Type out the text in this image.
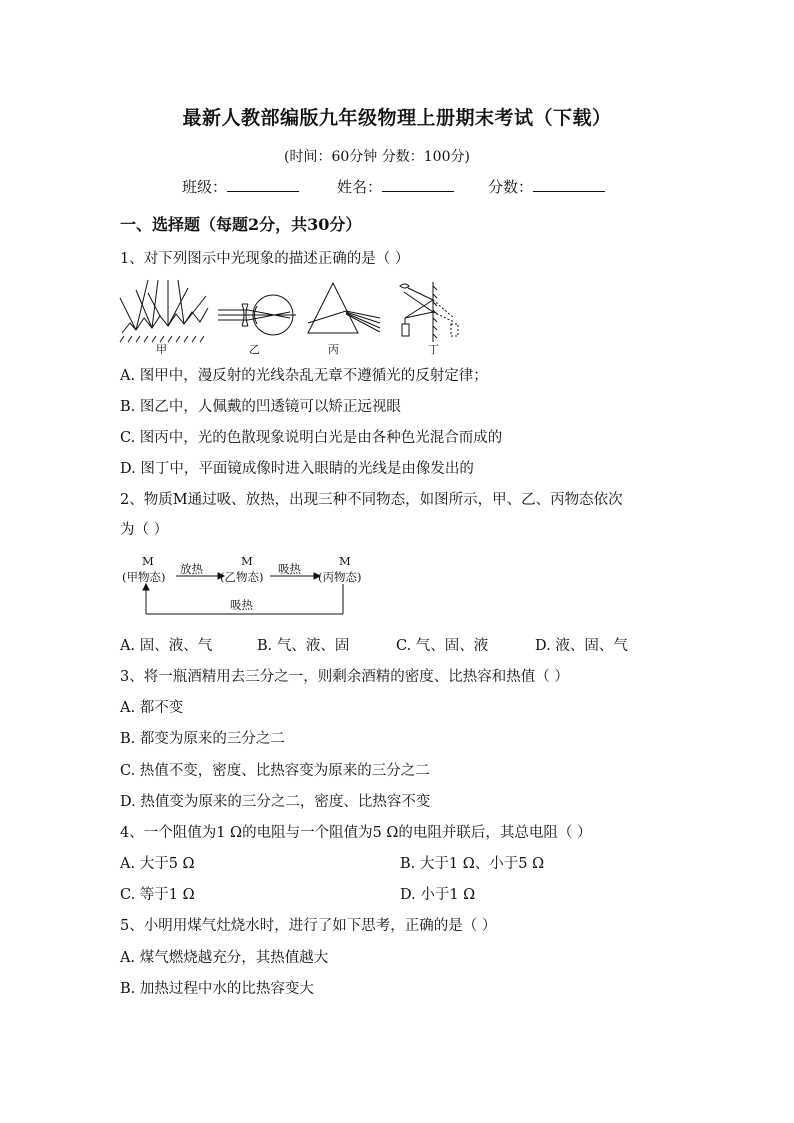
最新人教部编版九年级物理上册期末考试（下载）
(时间：60分钟 分数：100分)
班级：	姓名：	分数：
一、选择题（每题2分，共30分）
1、对下列图示中光现象的描述正确的是（ ）
甲	乙	丙	丁
A. 图甲中，漫反射的光线杂乱无章不遵循光的反射定律；
B. 图乙中，人佩戴的凹透镜可以矫正远视眼
C. 图丙中，光的色散现象说明白光是由各种色光混合而成的
D. 图丁中，平面镜成像时进入眼睛的光线是由像发出的
2、物质M通过吸、放热，出现三种不同物态，如图所示，甲、乙、丙物态依次
为（ ）
M
(甲物态)
放热
M
(乙物态)
吸热
M
(丙物态)
吸热
A. 固、液、气	B. 气、液、固	C. 气、固、液	D. 液、固、气
3、将一瓶酒精用去三分之一，则剩余酒精的密度、比热容和热值（ ）
A. 都不变
B. 都变为原来的三分之二
C. 热值不变，密度、比热容变为原来的三分之二
D. 热值变为原来的三分之二，密度、比热容不变
4、一个阻值为1 Ω的电阻与一个阻值为5 Ω的电阻并联后，其总电阻（ ）
A. 大于5 Ω	B. 大于1 Ω、小于5 Ω
C. 等于1 Ω	D. 小于1 Ω
5、小明用煤气灶烧水时，进行了如下思考，正确的是（ ）
A. 煤气燃烧越充分，其热值越大
B. 加热过程中水的比热容变大
